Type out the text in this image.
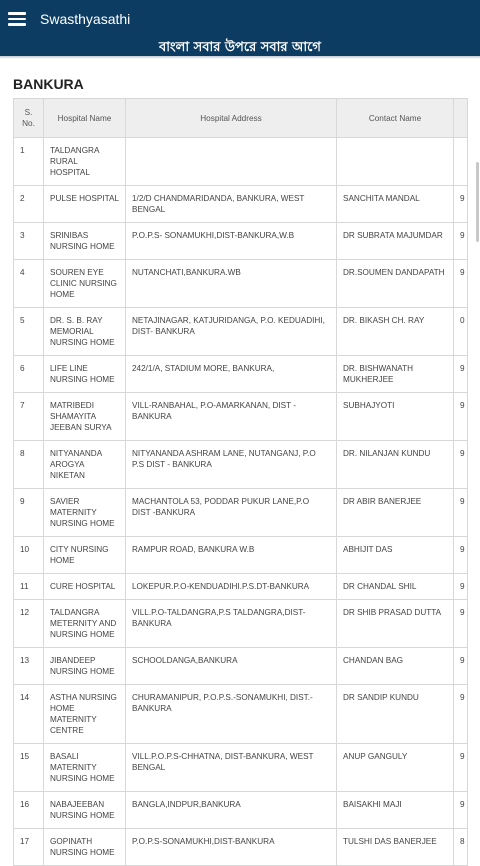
Swasthyasathi
বাংলা সবার উপরে সবার আগে
BANKURA
S. No.	Hospital Name	Hospital Address	Contact Name	
1	TALDANGRA RURAL HOSPITAL			
2	PULSE HOSPITAL	1/2/D CHANDMARIDANDA, BANKURA, WEST BENGAL	SANCHITA MANDAL	9
3	SRINIBAS NURSING HOME	P.O.P.S- SONAMUKHI,DIST-BANKURA,W.B	DR SUBRATA MAJUMDAR	9
4	SOUREN EYE CLINIC NURSING HOME	NUTANCHATI,BANKURA.WB	DR.SOUMEN DANDAPATH	9
5	DR. S. B. RAY MEMORIAL NURSING HOME	NETAJINAGAR, KATJURIDANGA, P.O. KEDUADIHI, DIST- BANKURA	DR. BIKASH CH. RAY	0
6	LIFE LINE NURSING HOME	242/1/A, STADIUM MORE, BANKURA,	DR. BISHWANATH MUKHERJEE	9
7	MATRIBEDI SHAMAYITA JEEBAN SURYA	VILL-RANBAHAL, P.O-AMARKANAN, DIST -BANKURA	SUBHAJYOTI	9
8	NITYANANDA AROGYA NIKETAN	NITYANANDA ASHRAM LANE, NUTANGANJ, P.O P.S DIST - BANKURA	DR. NILANJAN KUNDU	9
9	SAVIER MATERNITY NURSING HOME	MACHANTOLA 53, PODDAR PUKUR LANE,P.O DIST -BANKURA	DR ABIR BANERJEE	9
10	CITY NURSING HOME	RAMPUR ROAD, BANKURA W.B	ABHIJIT DAS	9
11	CURE HOSPITAL	LOKEPUR.P.O-KENDUADIHI.P.S.DT-BANKURA	DR CHANDAL SHIL	9
12	TALDANGRA METERNITY AND NURSING HOME	VILL.P.O-TALDANGRA,P.S TALDANGRA,DIST-BANKURA	DR SHIB PRASAD DUTTA	9
13	JIBANDEEP NURSING HOME	SCHOOLDANGA,BANKURA	CHANDAN BAG	9
14	ASTHA NURSING HOME MATERNITY CENTRE	CHURAMANIPUR, P.O.P.S.-SONAMUKHI, DIST.-BANKURA	DR SANDIP KUNDU	9
15	BASALI MATERNITY NURSING HOME	VILL.P.O.P.S-CHHATNA, DIST-BANKURA, WEST BENGAL	ANUP GANGULY	9
16	NABAJEEBAN NURSING HOME	BANGLA,INDPUR,BANKURA	BAISAKHI MAJI	9
17	GOPINATH NURSING HOME	P.O.P.S-SONAMUKHI,DIST-BANKURA	TULSHI DAS BANERJEE	8
